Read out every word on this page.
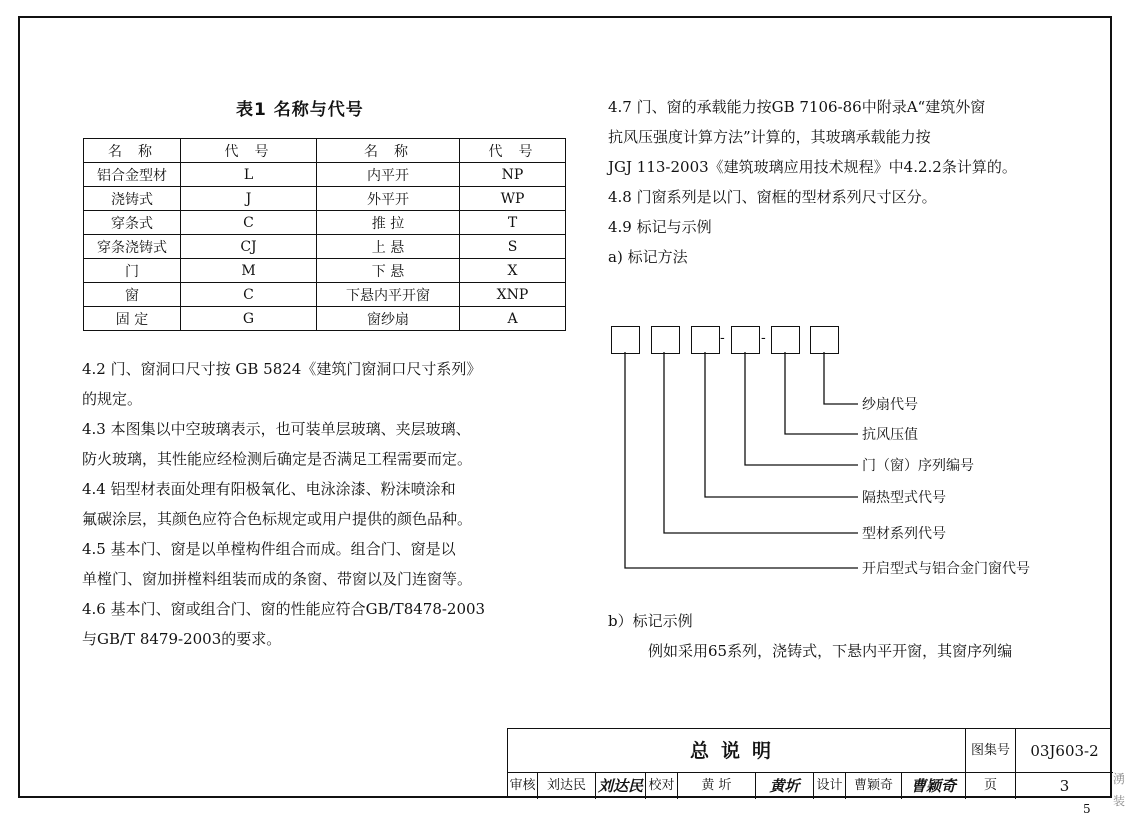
表1 名称与代号
名称	代号	名称	代号
铝合金型材	L	内平开	NP
浇铸式	J	外平开	WP
穿条式	C	推 拉	T
穿条浇铸式	CJ	上 悬	S
门	M	下 悬	X
窗	C	下悬内平开窗	XNP
固 定	G	窗纱扇	A
4.2 门、窗洞口尺寸按 GB 5824《建筑门窗洞口尺寸系列》
的规定。
4.3 本图集以中空玻璃表示，也可装单层玻璃、夹层玻璃、
防火玻璃，其性能应经检测后确定是否满足工程需要而定。
4.4 铝型材表面处理有阳极氧化、电泳涂漆、粉沫喷涂和
氟碳涂层，其颜色应符合色标规定或用户提供的颜色品种。
4.5 基本门、窗是以单樘构件组合而成。组合门、窗是以
单樘门、窗加拼樘料组装而成的条窗、带窗以及门连窗等。
4.6 基本门、窗或组合门、窗的性能应符合GB/T8478-2003
与GB/T 8479-2003的要求。
4.7 门、窗的承载能力按GB 7106-86中附录A“建筑外窗
抗风压强度计算方法”计算的，其玻璃承载能力按
JGJ 113-2003《建筑玻璃应用技术规程》中4.2.2条计算的。
4.8 门窗系列是以门、窗框的型材系列尺寸区分。
4.9 标记与示例
a) 标记方法
-	-
纱扇代号
抗风压值
门（窗）序列编号
隔热型式代号
型材系列代号
开启型式与铝合金门窗代号
b）标记示例
例如采用65系列，浇铸式，下悬内平开窗，其窗序列编
总说明	图集号	03J603-2
审核 刘达民 刘达民 校对	黄 圻	黄圻	设计 曹颖奇	曹颖奇	页	3
5
湧
装
